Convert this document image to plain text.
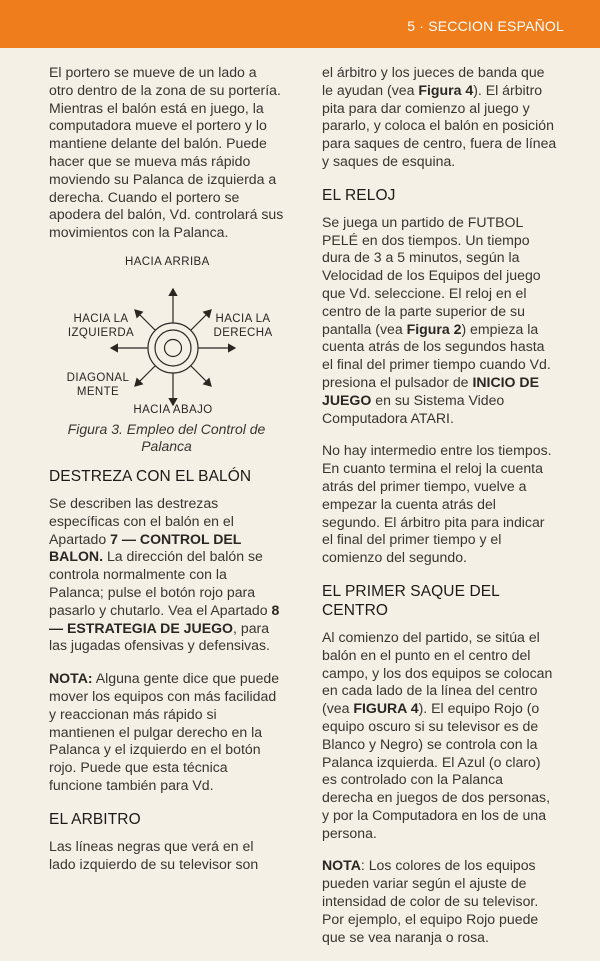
5 · SECCION ESPAÑOL

El portero se mueve de un lado a otro dentro de la zona de su portería. Mientras el balón está en juego, la computadora mueve el portero y lo mantiene delante del balón. Puede hacer que se mueva más rápido moviendo su Palanca de izquierda a derecha. Cuando el portero se apodera del balón, Vd. controlará sus movimientos con la Palanca.

HACIA ARRIBA
HACIA LA
IZQUIERDA
HACIA LA
DERECHA
DIAGONAL
MENTE
HACIA ABAJO
Figura 3. Empleo del Control de
Palanca
DESTREZA CON EL BALÓN

Se describen las destrezas específicas con el balón en el Apartado 7 — CONTROL DEL BALON. La dirección del balón se controla normalmente con la Palanca; pulse el botón rojo para pasarlo y chutarlo. Vea el Apartado 8 — ESTRATEGIA DE JUEGO, para las jugadas ofensivas y defensivas.

NOTA: Alguna gente dice que puede mover los equipos con más facilidad y reaccionan más rápido si mantienen el pulgar derecho en la Palanca y el izquierdo en el botón rojo. Puede que esta técnica funcione también para Vd.

EL ARBITRO

Las líneas negras que verá en el lado izquierdo de su televisor son

el árbitro y los jueces de banda que le ayudan (vea Figura 4). El árbitro pita para dar comienzo al juego y pararlo, y coloca el balón en posición para saques de centro, fuera de línea y saques de esquina.

EL RELOJ

Se juega un partido de FUTBOL PELÉ en dos tiempos. Un tiempo dura de 3 a 5 minutos, según la Velocidad de los Equipos del juego que Vd. seleccione. El reloj en el centro de la parte superior de su pantalla (vea Figura 2) empieza la cuenta atrás de los segundos hasta el final del primer tiempo cuando Vd. presiona el pulsador de INICIO DE JUEGO en su Sistema Video Computadora ATARI.

No hay intermedio entre los tiempos. En cuanto termina el reloj la cuenta atrás del primer tiempo, vuelve a empezar la cuenta atrás del segundo. El árbitro pita para indicar el final del primer tiempo y el comienzo del segundo.

EL PRIMER SAQUE DEL CENTRO

Al comienzo del partido, se sitúa el balón en el punto en el centro del campo, y los dos equipos se colocan en cada lado de la línea del centro (vea FIGURA 4). El equipo Rojo (o equipo oscuro si su televisor es de Blanco y Negro) se controla con la Palanca izquierda. El Azul (o claro) es controlado con la Palanca derecha en juegos de dos personas, y por la Computadora en los de una persona.

NOTA: Los colores de los equipos pueden variar según el ajuste de intensidad de color de su televisor. Por ejemplo, el equipo Rojo puede que se vea naranja o rosa.
